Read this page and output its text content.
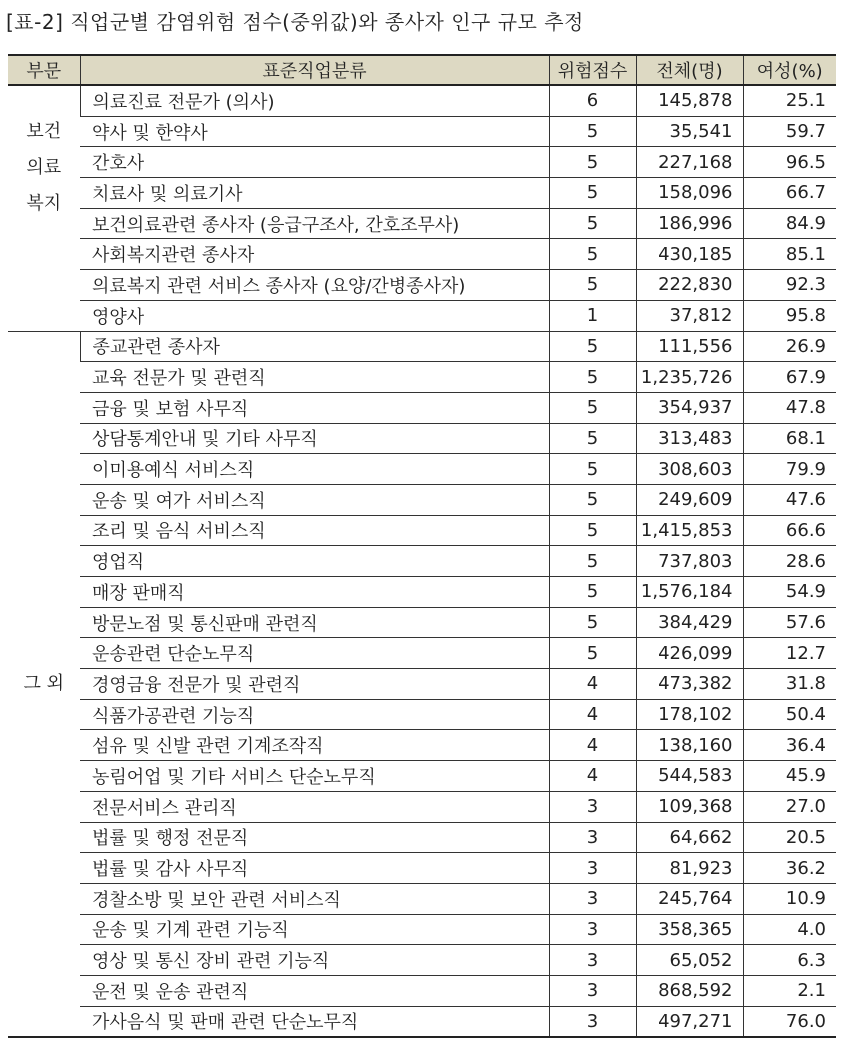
[표-2] 직업군별 감염위험 점수(중위값)와 종사자 인구 규모 추정
부문	표준직업분류	위험점수	전체(명)	여성(%)
보건 의료 복지	의료진료 전문가 (의사)	6	145,878	25.1
	약사 및 한약사	5	35,541	59.7
	간호사	5	227,168	96.5
	치료사 및 의료기사	5	158,096	66.7
	보건의료관련 종사자 (응급구조사, 간호조무사)	5	186,996	84.9
	사회복지관련 종사자	5	430,185	85.1
	의료복지 관련 서비스 종사자 (요양/간병종사자)	5	222,830	92.3
	영양사	1	37,812	95.8
그 외	종교관련 종사자	5	111,556	26.9
	교육 전문가 및 관련직	5	1,235,726	67.9
	금융 및 보험 사무직	5	354,937	47.8
	상담통계안내 및 기타 사무직	5	313,483	68.1
	이미용예식 서비스직	5	308,603	79.9
	운송 및 여가 서비스직	5	249,609	47.6
	조리 및 음식 서비스직	5	1,415,853	66.6
	영업직	5	737,803	28.6
	매장 판매직	5	1,576,184	54.9
	방문노점 및 통신판매 관련직	5	384,429	57.6
	운송관련 단순노무직	5	426,099	12.7
	경영금융 전문가 및 관련직	4	473,382	31.8
	식품가공관련 기능직	4	178,102	50.4
	섬유 및 신발 관련 기계조작직	4	138,160	36.4
	농림어업 및 기타 서비스 단순노무직	4	544,583	45.9
	전문서비스 관리직	3	109,368	27.0
	법률 및 행정 전문직	3	64,662	20.5
	법률 및 감사 사무직	3	81,923	36.2
	경찰소방 및 보안 관련 서비스직	3	245,764	10.9
	운송 및 기계 관련 기능직	3	358,365	4.0
	영상 및 통신 장비 관련 기능직	3	65,052	6.3
	운전 및 운송 관련직	3	868,592	2.1
	가사음식 및 판매 관련 단순노무직	3	497,271	76.0
